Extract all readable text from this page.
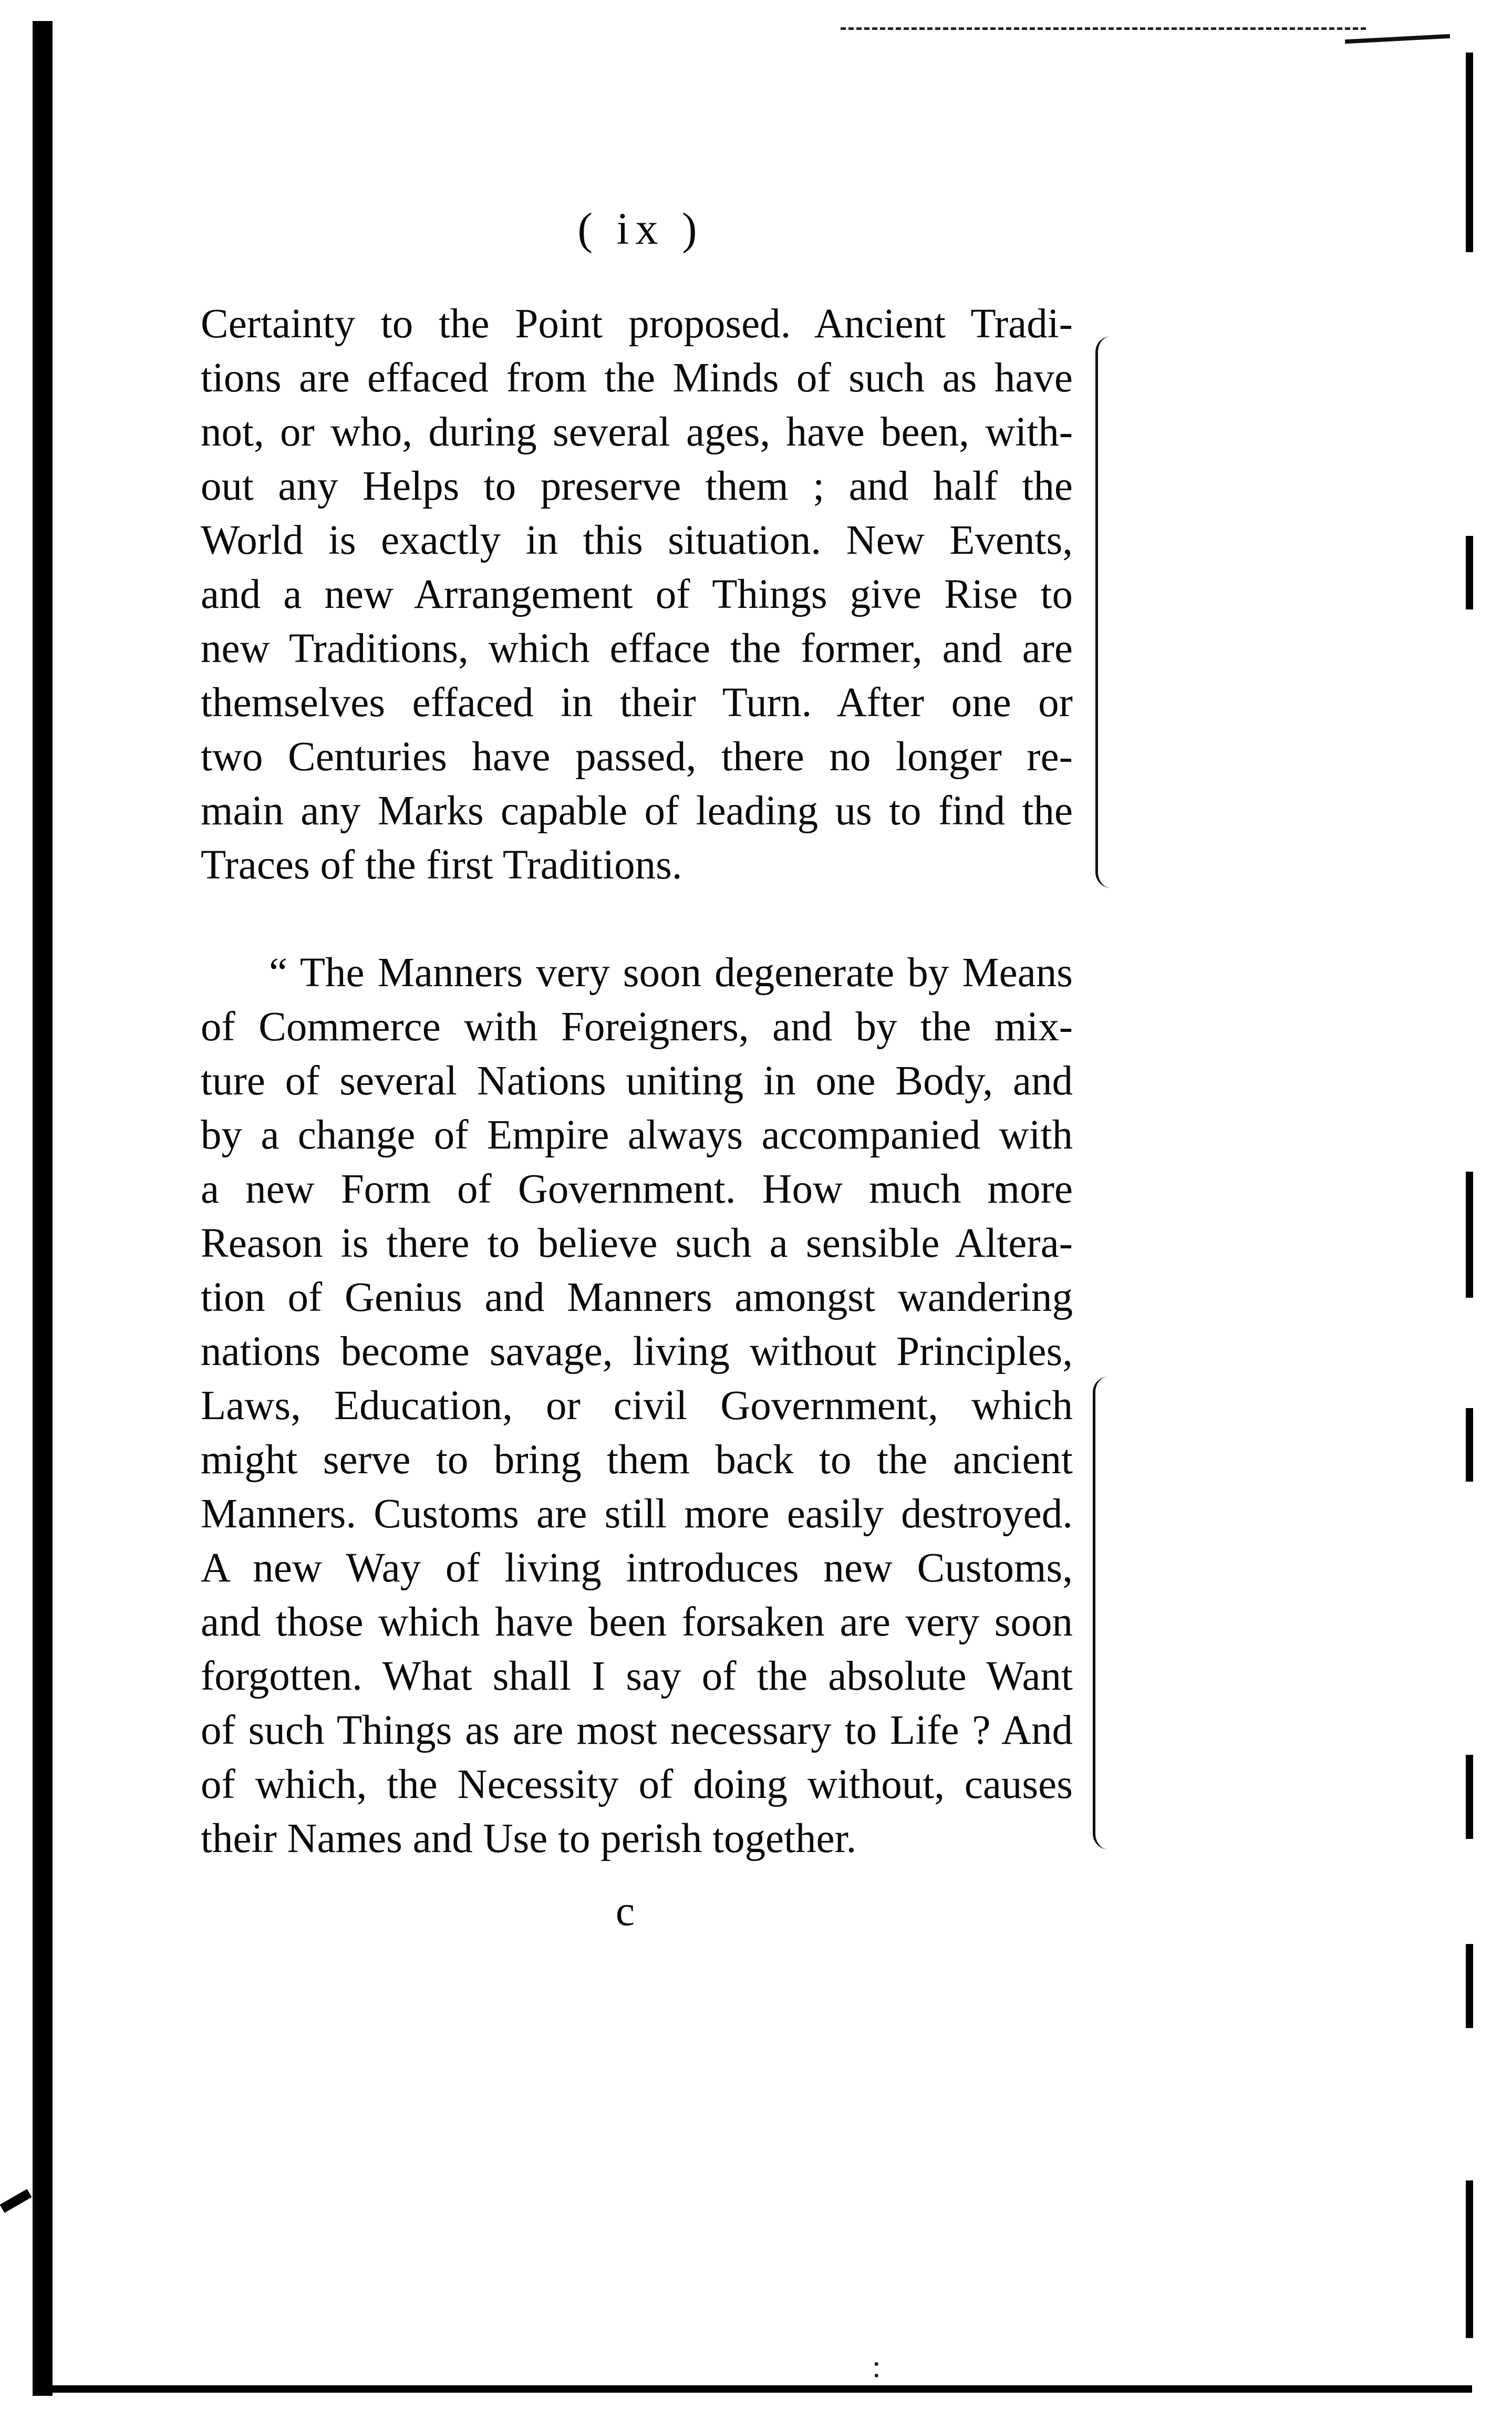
( ix )
Certainty to the Point proposed. Ancient Tradi-
tions are effaced from the Minds of such as have
not, or who, during several ages, have been, with-
out any Helps to preserve them ; and half the
World is exactly in this situation. New Events,
and a new Arrangement of Things give Rise to
new Traditions, which efface the former, and are
themselves effaced in their Turn. After one or
two Centuries have passed, there no longer re-
main any Marks capable of leading us to find the
Traces of the first Traditions.
“ The Manners very soon degenerate by Means
of Commerce with Foreigners, and by the mix-
ture of several Nations uniting in one Body, and
by a change of Empire always accompanied with
a new Form of Government. How much more
Reason is there to believe such a sensible Altera-
tion of Genius and Manners amongst wandering
nations become savage, living without Principles,
Laws, Education, or civil Government, which
might serve to bring them back to the ancient
Manners. Customs are still more easily destroyed.
A new Way of living introduces new Customs,
and those which have been forsaken are very soon
forgotten. What shall I say of the absolute Want
of such Things as are most necessary to Life ? And
of which, the Necessity of doing without, causes
their Names and Use to perish together.
c
:
